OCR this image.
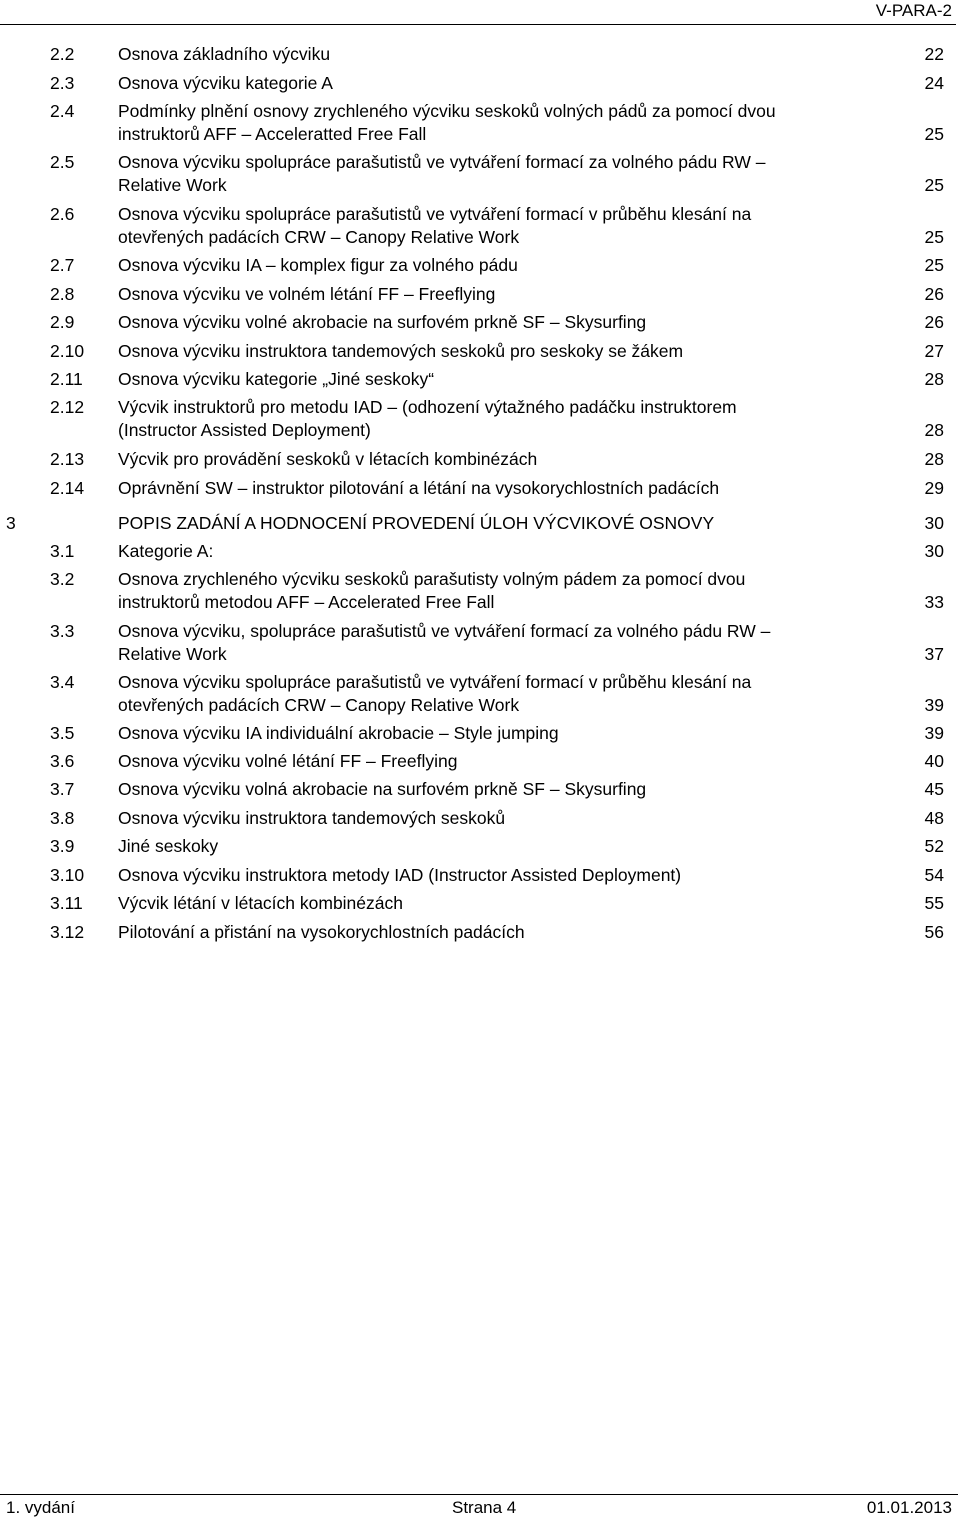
V-PARA-2
2.2 Osnova základního výcviku	22
2.3 Osnova výcviku kategorie A	24
2.4 Podmínky plnění osnovy zrychleného výcviku seskoků volných pádů za pomocí dvou
instruktorů AFF – Acceleratted Free Fall	25
2.5 Osnova výcviku spolupráce parašutistů ve vytváření formací za volného pádu RW –
Relative Work	25
2.6 Osnova výcviku spolupráce parašutistů ve vytváření formací v průběhu klesání na
otevřených padácích CRW – Canopy Relative Work	25
2.7 Osnova výcviku IA – komplex figur za volného pádu	25
2.8 Osnova výcviku ve volném létání FF – Freeflying	26
2.9 Osnova výcviku volné akrobacie na surfovém prkně SF – Skysurfing	26
2.10 Osnova výcviku instruktora tandemových seskoků pro seskoky se žákem	27
2.11 Osnova výcviku kategorie „Jiné seskoky“	28
2.12 Výcvik instruktorů pro metodu IAD – (odhození výtažného padáčku instruktorem
(Instructor Assisted Deployment)	28
2.13 Výcvik pro provádění seskoků v létacích kombinézách	28
2.14 Oprávnění SW – instruktor pilotování a létání na vysokorychlostních padácích	29
3	POPIS ZADÁNÍ A HODNOCENÍ PROVEDENÍ ÚLOH VÝCVIKOVÉ OSNOVY	30
3.1 Kategorie A:	30
3.2 Osnova zrychleného výcviku seskoků parašutisty volným pádem za pomocí dvou
instruktorů metodou AFF – Accelerated Free Fall	33
3.3 Osnova výcviku, spolupráce parašutistů ve vytváření formací za volného pádu RW –
Relative Work	37
3.4 Osnova výcviku spolupráce parašutistů ve vytváření formací v průběhu klesání na
otevřených padácích CRW – Canopy Relative Work	39
3.5 Osnova výcviku IA individuální akrobacie – Style jumping	39
3.6 Osnova výcviku volné létání FF – Freeflying	40
3.7 Osnova výcviku volná akrobacie na surfovém prkně SF – Skysurfing	45
3.8 Osnova výcviku instruktora tandemových seskoků	48
3.9 Jiné seskoky	52
3.10 Osnova výcviku instruktora metody IAD (Instructor Assisted Deployment)	54
3.11 Výcvik létání v létacích kombinézách	55
3.12 Pilotování a přistání na vysokorychlostních padácích	56
1. vydání	Strana 4	01.01.2013
